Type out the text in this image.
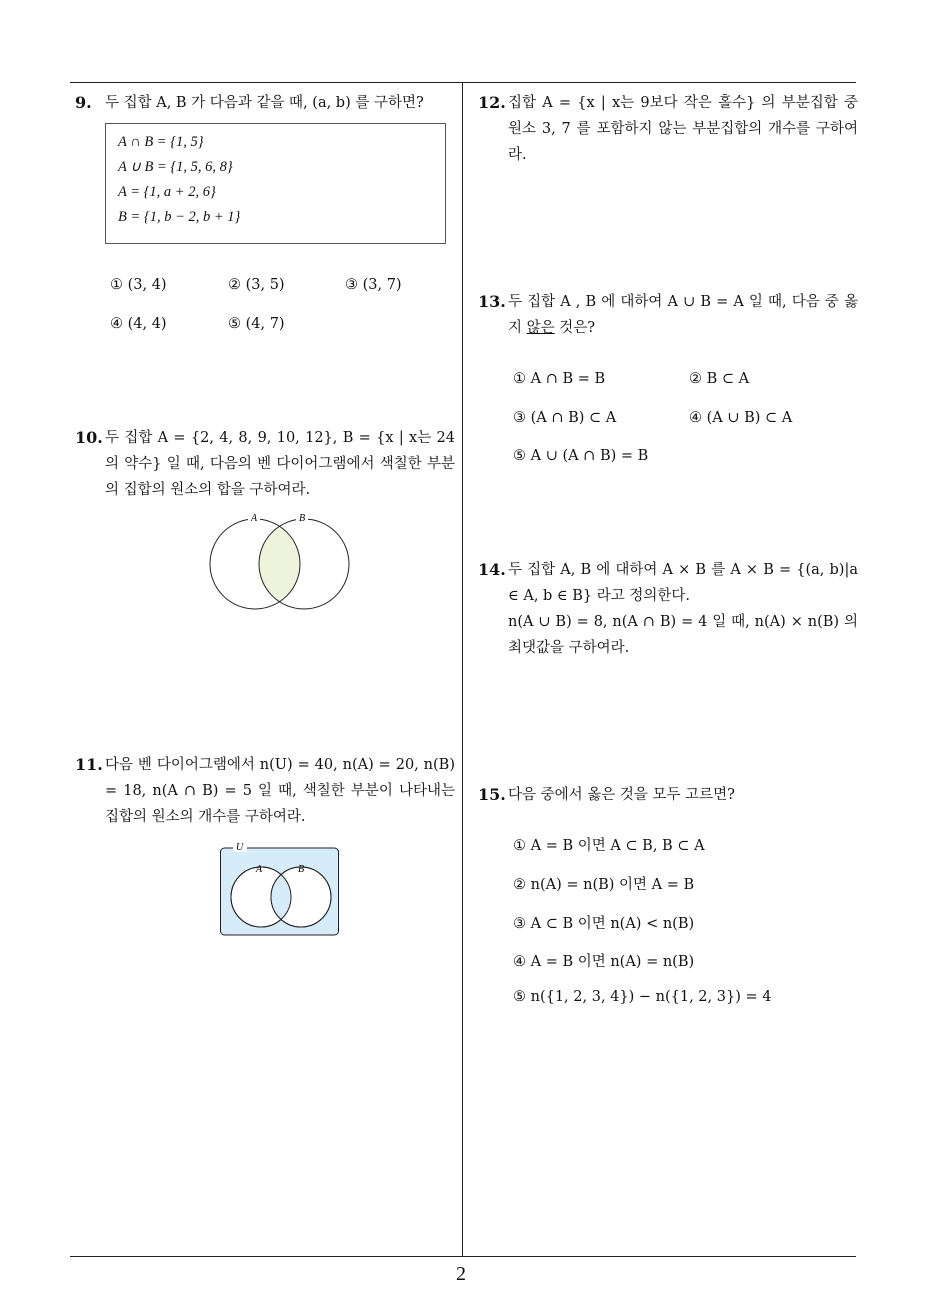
9. 두 집합 A, B 가 다음과 같을 때, (a, b) 를 구하면?
A ∩ B = {1, 5}
A ∪ B = {1, 5, 6, 8}
A = {1, a + 2, 6}
B = {1, b − 2, b + 1}
① (3, 4)	② (3, 5)	③ (3, 7)
④ (4, 4)	⑤ (4, 7)
10. 두 집합 A = {2, 4, 8, 9, 10, 12}, B = {x | x는 24의 약수} 일 때, 다음의 벤 다이어그램에서 색칠한 부분의 집합의 원소의 합을 구하여라.
A	B
11. 다음 벤 다이어그램에서 n(U) = 40, n(A) = 20, n(B) = 18, n(A ∩ B) = 5 일 때, 색칠한 부분이 나타내는 집합의 원소의 개수를 구하여라.
U
A	B
12. 집합 A = {x | x는 9보다 작은 홀수} 의 부분집합 중 원소 3, 7 를 포함하지 않는 부분집합의 개수를 구하여라.
13. 두 집합 A , B 에 대하여 A ∪ B = A 일 때, 다음 중 옳지 않은 것은?
① A ∩ B = B	② B ⊂ A
③ (A ∩ B) ⊂ A	④ (A ∪ B) ⊂ A
⑤ A ∪ (A ∩ B) = B
14. 두 집합 A, B 에 대하여 A × B 를 A × B = {(a, b)|a ∈ A, b ∈ B} 라고 정의한다.
n(A ∪ B) = 8, n(A ∩ B) = 4 일 때, n(A) × n(B) 의 최댓값을 구하여라.
15. 다음 중에서 옳은 것을 모두 고르면?
① A = B 이면 A ⊂ B, B ⊂ A
② n(A) = n(B) 이면 A = B
③ A ⊂ B 이면 n(A) < n(B)
④ A = B 이면 n(A) = n(B)
⑤ n({1, 2, 3, 4}) − n({1, 2, 3}) = 4
2
